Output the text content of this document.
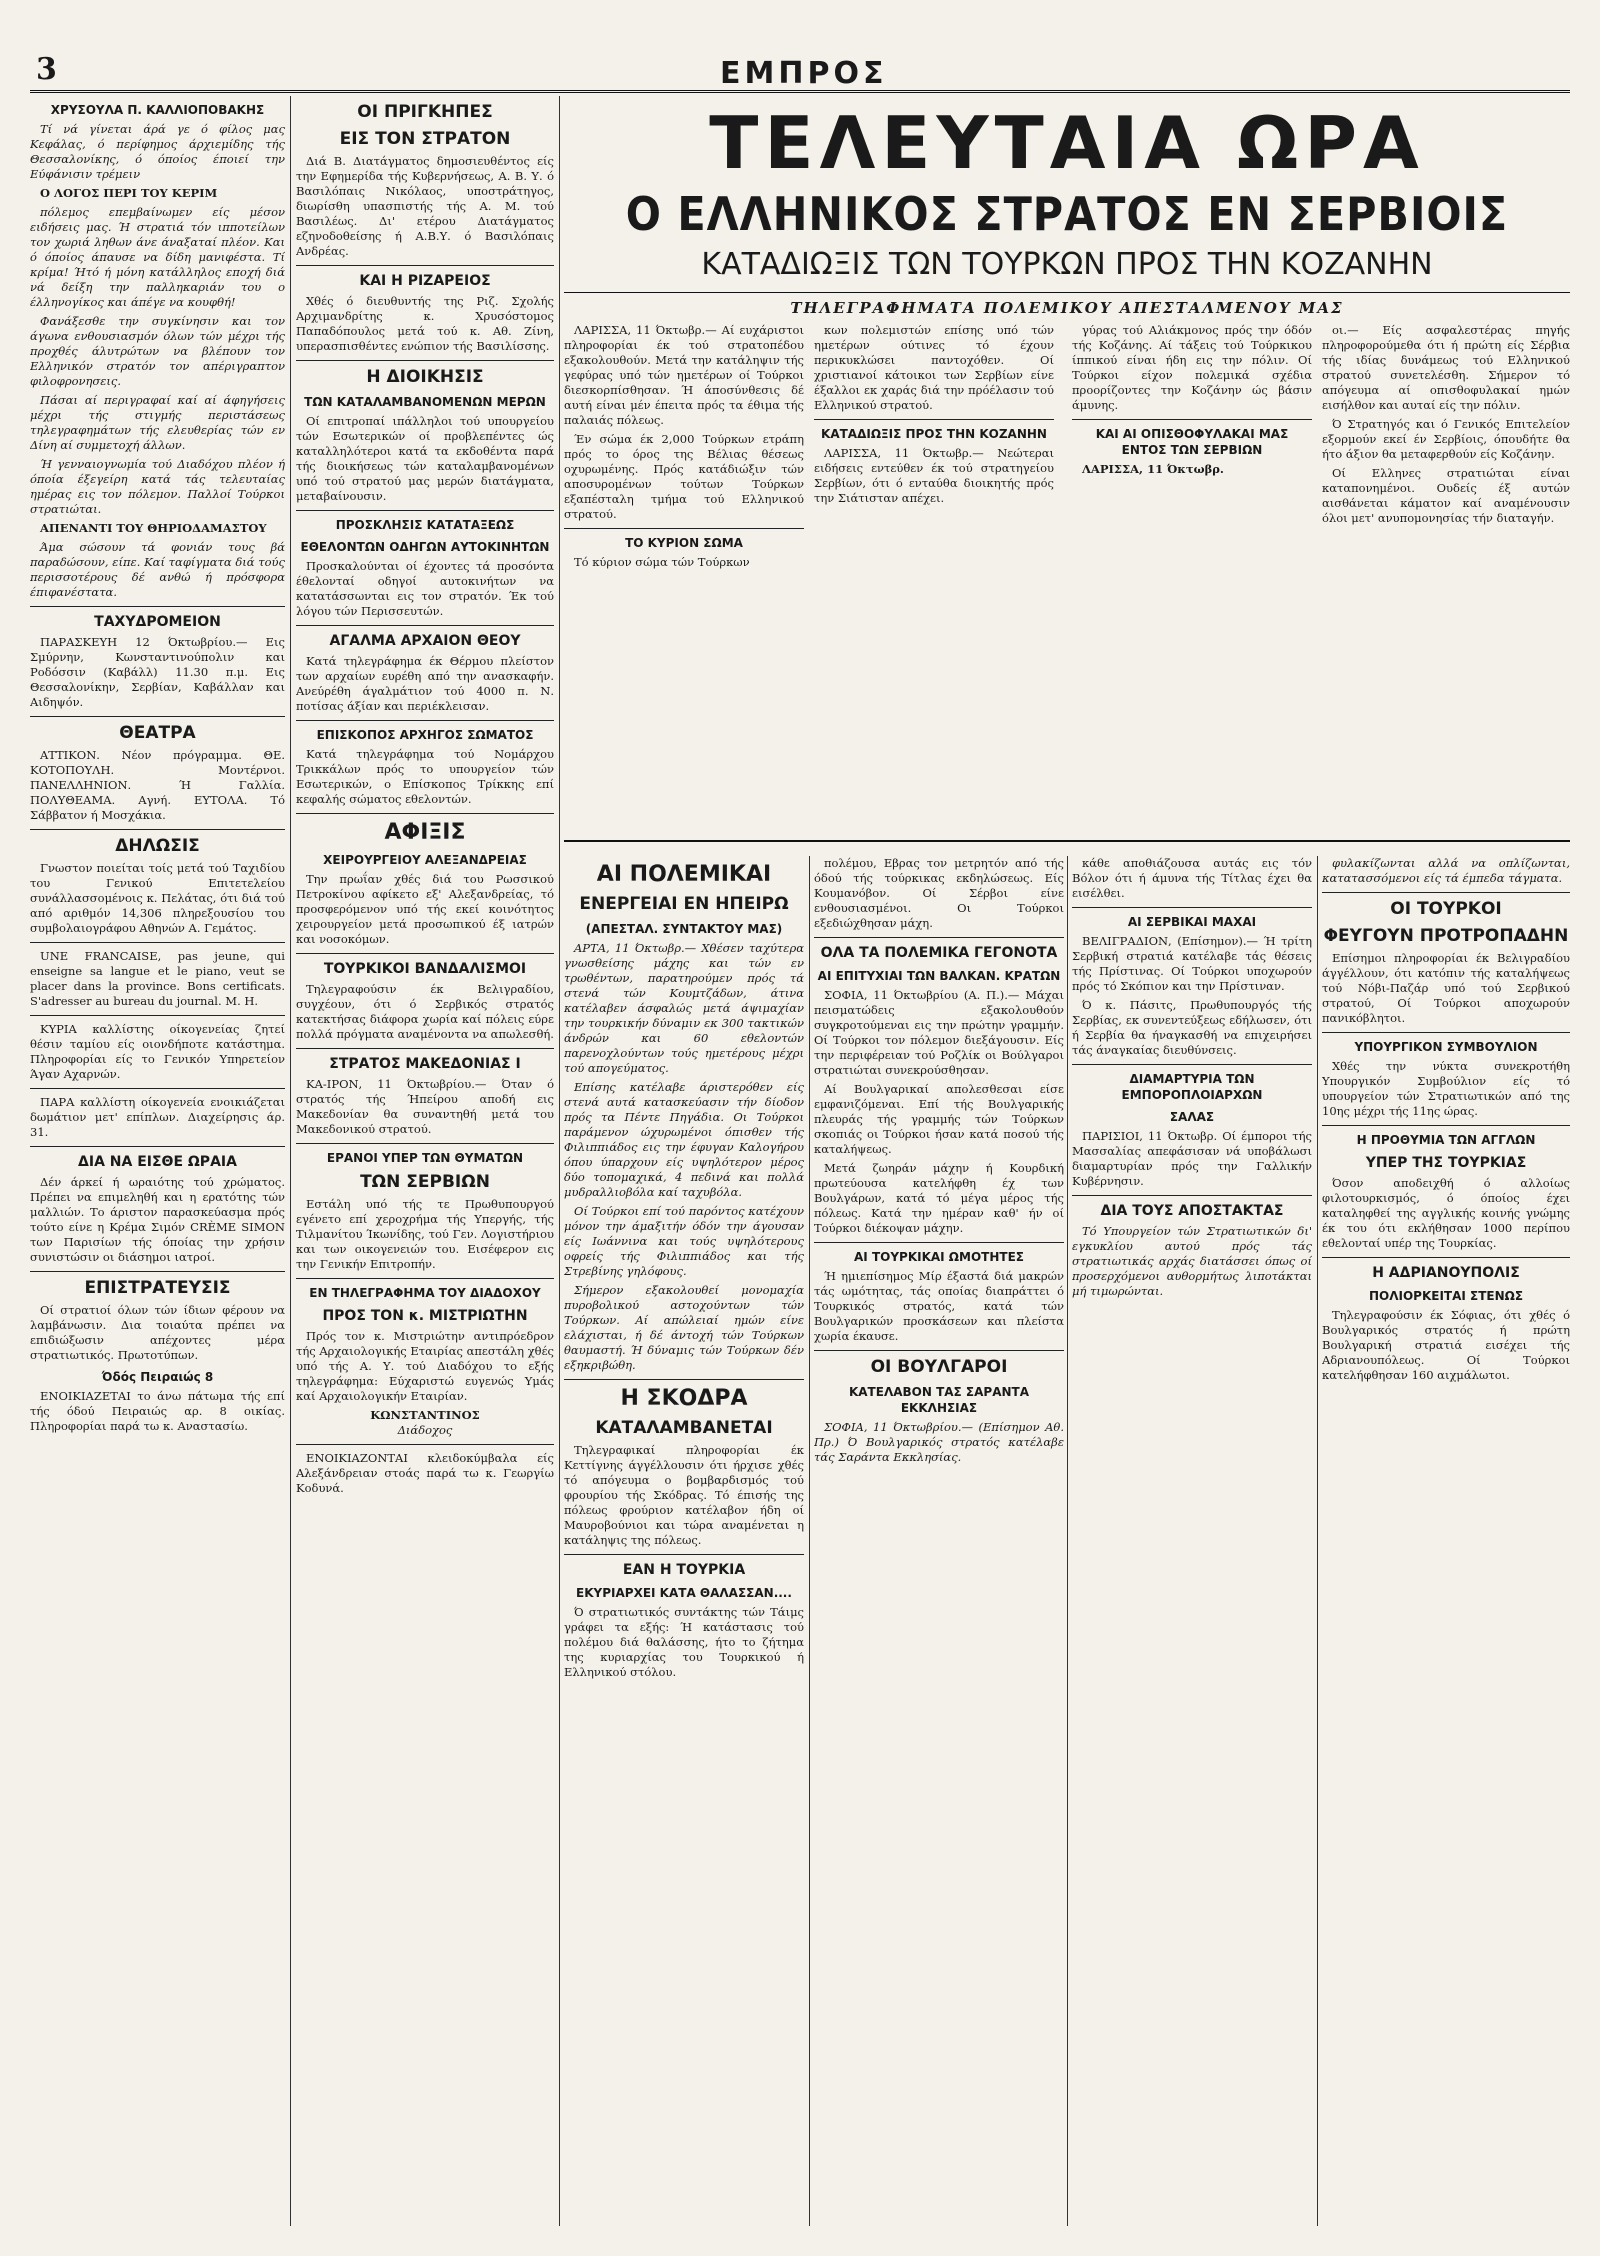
3	ΕΜΠΡΟΣ
ΧΡΥΣΟΥΛΑ Π. ΚΑΛΛΙΟΠΟΒΑΚΗΣ

Τί νά γίνεται άρά γε ό φίλος μας Κεφάλας, ό περίφημος άρχιεμίδης τής Θεσσαλονίκης, ό όποίος έποιεί την Εύφάνισιν τρέμειν

Ο ΛΟΓΟΣ ΠΕΡΙ ΤΟΥ ΚΕΡΙΜ

πόλεμος επεμβαίνωμεν είς μέσον ειδήσεις μας. Ή στρατιά τόν ιπποτείλων τον χωριά ληθων άνε άναξαταί πλέον. Και ό όποίος άπαυσε να δίδη μανιφέστα. Τί κρίμα! Ήτό ή μόνη κατάλληλος εποχή διά νά δείξη την παλληκαριάν του ο έλληνογίκος και άπέγε να κουφθή!

Φανάξεσθε την συγκίνησιν και τον άγωνα ενθουσιασμόν όλων τών μέχρι τής προχθές άλυτρώτων να βλέπουν τον Ελληνικόν στρατόν τον απέριγραπτον φιλοφρονησεις.

Πάσαι αί περιγραφαί καί αί άφηγήσεις μέχρι τής στιγμής περιστάσεως τηλεγραφημάτων τής ελευθερίας τών εν Δίνη αί συμμετοχή άλλων.

Ή γενναιογνωμία τού Διαδόχου πλέον ή όποία έξεγείρη κατά τάς τελευταίας ημέρας εις τον πόλεμον. Παλλοί Τούρκοι στρατιώται.

ΑΠΕΝΑΝΤΙ ΤΟΥ ΘΗΡΙΟΔΑΜΑΣΤΟΥ

Άμα σώσουν τά φονιάν τους βά παραδώσουν, είπε. Καί ταφίγματα διά τούς περισσοτέρους δέ ανθώ ή πρόσφορα έπιφανέστατα.

ΤΑΧΥΔΡΟΜΕΙΟΝ

ΠΑΡΑΣΚΕΥΗ 12 Όκτωβρίου.— Εις Σμύρνην, Κωνσταντινούπολιν και Ροδόσσιν (Καβάλλ) 11.30 π.μ. Εις Θεσσαλονίκην, Σερβίαν, Καβάλλαν και Αιδηψόν.

ΘΕΑΤΡΑ

ΑΤΤΙΚΟΝ. Νέον πρόγραμμα. ΘΕ. ΚΟΤΟΠΟΥΛΗ. Μοντέρνοι. ΠΑΝΕΛΛΗΝΙΟΝ. Ή Γαλλία. ΠΟΛΥΘΕΑΜΑ. Αγνή. ΕΥΤΟΛΑ. Τό Σάββατον ή Μοσχάκια.

ΔΗΛΩΣΙΣ

Γνωστον ποιείται τοίς μετά τού Ταχιδίου του Γενικού Επιτετελείου συνάλλασσομένοις κ. Πελάτας, ότι διά τού από αριθμόν 14,306 πληρεξουσίου του συμβολαιογράφου Αθηνών Α. Γεμάτος.

UNE FRANCAISE, pas jeune, qui enseigne sa langue et le piano, veut se placer dans la province. Bons certificats. S'adresser au bureau du journal. M. H.

ΚΥΡΙΑ καλλίστης οίκογενείας ζητεί θέσιν ταμίου είς οιονδήποτε κατάστημα. Πληροφορίαι είς το Γενικόν Υπηρετείον Άγαν Αχαρνών.

ΠΑΡΑ καλλίστη οίκογενεία ενοικιάζεται δωμάτιον μετ' επίπλων. Διαχείρησις άρ. 31.

ΔΙΑ ΝΑ ΕΙΣΘΕ ΩΡΑΙΑ

Δέν άρκεί ή ωραιότης τού χρώματος. Πρέπει να επιμεληθή και η ερατότης τών μαλλιών. Το άριστον παρασκεύασμα πρός τούτο είνε η Κρέμα Σιμόν CRÈME SIMON των Παρισίων τής όποίας την χρήσιν συνιστώσιν οι διάσημοι ιατροί.

ΕΠΙΣΤΡΑΤΕΥΣΙΣ

Οί στρατιοί όλων τών ίδιων φέρουν να λαμβάνωσιν. Δια τοιαύτα πρέπει να επιδιώξωσιν απέχοντες μέρα στρατιωτικός. Πρωτοτύπων.

Όδός Πειραιώς 8

ΕΝΟΙΚΙΑΖΕΤΑΙ το άνω πάτωμα τής επί τής όδού Πειραιώς αρ. 8 οικίας. Πληροφορίαι παρά τω κ. Αναστασίω.

ΟΙ ΠΡΙΓΚΗΠΕΣ
ΕΙΣ ΤΟΝ ΣΤΡΑΤΟΝ

Διά Β. Διατάγματος δημοσιευθέντος είς την Εφημερίδα τής Κυβερνήσεως, Α. Β. Υ. ό Βασιλόπαις Νικόλαος, υποστράτηγος, διωρίσθη υπασπιστής τής Α. Μ. τού Βασιλέως. Δι' ετέρου Διατάγματος εζηνοδοθείσης ή Α.Β.Υ. ό Βασιλόπαις Ανδρέας.

ΚΑΙ Η ΡΙΖΑΡΕΙΟΣ

Χθές ό διευθυντής της Ριζ. Σχολής Αρχιμανδρίτης κ. Χρυσόστομος Παπαδόπουλος μετά τού κ. Αθ. Ζίνη, υπερασπισθέντες ενώπιον τής Βασιλίσσης.

Η ΔΙΟΙΚΗΣΙΣ
ΤΩΝ ΚΑΤΑΛΑΜΒΑΝΟΜΕΝΩΝ ΜΕΡΩΝ

Οί επιτροπαί ιπάλληλοι τού υπουργείου τών Εσωτερικών οί προβλεπέντες ώς καταλληλότεροι κατά τα εκδοθέντα παρά τής διοικήσεως τών καταλαμβανομένων υπό τού στρατού μας μερών διατάγματα, μεταβαίνουσιν.

ΠΡΟΣΚΛΗΣΙΣ ΚΑΤΑΤΑΞΕΩΣ
ΕΘΕΛΟΝΤΩΝ ΟΔΗΓΩΝ ΑΥΤΟΚΙΝΗΤΩΝ

Προσκαλούνται οί έχοντες τά προσόντα έθελονταί οδηγοί αυτοκινήτων να κατατάσσωνται εις τον στρατόν. Έκ τού λόγου τών Περισσευτών.

ΑΓΑΛΜΑ ΑΡΧΑΙΟΝ ΘΕΟΥ

Κατά τηλεγράφημα έκ Θέρμου πλείστον των αρχαίων ευρέθη από την ανασκαφήν. Ανεύρέθη άγαλμάτιον τού 4000 π. Ν. ποτίσας άξίαν και περιέκλεισαν.

ΕΠΙΣΚΟΠΟΣ ΑΡΧΗΓΟΣ ΣΩΜΑΤΟΣ

Κατά τηλεγράφημα τού Νομάρχου Τρικκάλων πρός το υπουργείον τών Εσωτερικών, ο Επίσκοπος Τρίκκης επί κεφαλής σώματος εθελοντών.

ΑΦΙΞΙΣ
ΧΕΙΡΟΥΡΓΕΙΟΥ ΑΛΕΞΑΝΔΡΕΙΑΣ

Την πρωΐαν χθές διά του Ρωσσικού Πετροκίνου αφίκετο εξ' Αλεξανδρείας, τό προσφερόμενον υπό τής εκεί κοινότητος χειρουργείον μετά προσωπικού έξ ιατρών και νοσοκόμων.

ΤΟΥΡΚΙΚΟΙ ΒΑΝΔΑΛΙΣΜΟΙ

Τηλεγραφούσιν έκ Βελιγραδίου, συγχέουν, ότι ό Σερβικός στρατός κατεκτήσας διάφορα χωρία καί πόλεις εύρε πολλά πρόγματα αναμένοντα να απωλεσθή.

ΣΤΡΑΤΟΣ ΜΑΚΕΔΟΝΙΑΣ Ι

ΚΑ-ΙΡΟΝ, 11 Όκτωβρίου.— Όταν ό στρατός τής Ήπείρου αποδή εις Μακεδονίαν θα συναντηθή μετά του Μακεδονικού στρατού.

ΕΡΑΝΟΙ ΥΠΕΡ ΤΩΝ ΘΥΜΑΤΩΝ
ΤΩΝ ΣΕΡΒΙΩΝ

Εστάλη υπό τής τε Πρωθυπουργού εγένετο επί χεροχρήμα τής Υπεργής, τής Τιλμανίτου Ίκωνίδης, τού Γεν. Λογιστήριου και των οικογενειών του. Εισέφερον εις την Γενικήν Επιτροπήν.

ΕΝ ΤΗΛΕΓΡΑΦΗΜΑ ΤΟΥ ΔΙΑΔΟΧΟΥ
ΠΡΟΣ ΤΟΝ κ. ΜΙΣΤΡΙΩΤΗΝ

Πρός τον κ. Μιστριώτην αντιπρόεδρον τής Αρχαιολογικής Εταιρίας απεστάλη χθές υπό τής Α. Υ. τού Διαδόχου το εξής τηλεγράφημα: Εύχαριστώ ευγενώς Υμάς καί Αρχαιολογικήν Εταιρίαν.

ΚΩΝΣΤΑΝΤΙΝΟΣ
Διάδοχος

ΕΝΟΙΚΙΑΖΟΝΤΑΙ κλειδοκύμβαλα είς Αλεξάνδρειαν στοάς παρά τω κ. Γεωργίω Κοδυνά.

ΤΕΛΕΥΤΑΙΑ ΩΡΑ
Ο ΕΛΛΗΝΙΚΟΣ ΣΤΡΑΤΟΣ ΕΝ ΣΕΡΒΙΟΙΣ
ΚΑΤΑΔΙΩΞΙΣ ΤΩΝ ΤΟΥΡΚΩΝ ΠΡΟΣ ΤΗΝ ΚΟΖΑΝΗΝ
ΤΗΛΕΓΡΑΦΗΜΑΤΑ ΠΟΛΕΜΙΚΟΥ ΑΠΕΣΤΑΛΜΕΝΟΥ ΜΑΣ

ΛΑΡΙΣΣΑ, 11 Όκτωβρ.— Αί ευχάριστοι πληροφορίαι έκ τού στρατοπέδου εξακολουθούν. Μετά την κατάληψιν τής γεφύρας υπό τών ημετέρων οί Τούρκοι διεσκορπίσθησαν. Ή άποσύνθεσις δέ αυτή είναι μέν έπειτα πρός τα έθιμα τής παλαιάς πόλεως.

Έν σώμα έκ 2,000 Τούρκων ετράπη πρός το όρος της Βέλιας θέσεως οχυρωμένης. Πρός κατάδιώξιν τών αποσυρομένων τούτων Τούρκων εξαπέσταλη τμήμα τού Ελληνικού στρατού.

ΤΟ ΚΥΡΙΟΝ ΣΩΜΑ

Τό κύριον σώμα τών Τούρκων

κων πολεμιστών επίσης υπό τών ημετέρων ούτινες τό έχουν περικυκλώσει παντοχόθεν. Οί χριστιανοί κάτοικοι των Σερβίων είνε έξαλλοι εκ χαράς διά την πρόέλασιν τού Ελληνικού στρατού.

ΚΑΤΑΔΙΩΞΙΣ ΠΡΟΣ ΤΗΝ ΚΟΖΑΝΗΝ

ΛΑΡΙΣΣΑ, 11 Όκτωβρ.— Νεώτεραι ειδήσεις εντεύθεν έκ τού στρατηγείου Σερβίων, ότι ό ενταύθα διοικητής πρός την Σιάτισταν απέχει.

γύρας τού Αλιάκμονος πρός την όδόν τής Κοζάνης. Αί τάξεις τού Τούρκικου ίππικού είναι ήδη εις την πόλιν. Οί Τούρκοι είχον πολεμικά σχέδια προορίζοντες την Κοζάνην ώς βάσιν άμυνης.

ΚΑΙ ΑΙ ΟΠΙΣΘΟΦΥΛΑΚΑΙ ΜΑΣ ΕΝΤΟΣ ΤΩΝ ΣΕΡΒΙΩΝ

ΛΑΡΙΣΣΑ, 11 Όκτωβρ.

οι.— Είς ασφαλεστέρας πηγής πληροφορούμεθα ότι ή πρώτη είς Σέρβια τής ιδίας δυνάμεως τού Ελληνικού στρατού συνετελέσθη. Σήμερον τό απόγευμα αί οπισθοφυλακαί ημών εισήλθον και αυταί είς την πόλιν.

Ό Στρατηγός και ό Γενικός Επιτελείον εξορμούν εκεί έν Σερβίοις, όπουδήτε θα ήτο άξιον θα μεταφερθούν είς Κοζάνην.

Οί Ελληνες στρατιώται είναι καταπονημένοι. Ουδείς έξ αυτών αισθάνεται κάματον καί αναμένουσιν όλοι μετ' ανυπομονησίας τήν διαταγήν.

ΑΙ ΠΟΛΕΜΙΚΑΙ
ΕΝΕΡΓΕΙΑΙ ΕΝ ΗΠΕΙΡΩ
(ΑΠΕΣΤΑΛ. ΣΥΝΤΑΚΤΟΥ ΜΑΣ)

ΑΡΤΑ, 11 Όκτωβρ.— Χθέσεν ταχύτερα γνωσθείσης μάχης και τών εν τρωθέντων, παρατηρούμεν πρός τά στενά τών Κουμτζάδων, άτινα κατέλαβεν άσφαλώς μετά άψιμαχίαν την τουρκικήν δύναμιν εκ 300 τακτικών άνδρών και 60 εθελοντών παρενοχλούντων τούς ημετέρους μέχρι τού απογεύματος.

Επίσης κατέλαβε άριστερόθεν είς στενά αυτά κατασκεύασιν τήν δίοδον πρός τα Πέντε Πηγάδια. Οι Τούρκοι παράμενον ώχυρωμένοι όπισθεν τής Φιλιππιάδος εις την έφυγαν Καλογήρου όπου ύπαρχουν είς υψηλότερον μέρος δύο τοπομαχικά, 4 πεδινά και πολλά μυδραλλιοβόλα καί ταχυβόλα.

Οί Τούρκοι επί τού παρόντος κατέχουν μόνον την άμαξιτήν όδόν την άγουσαν είς Ιωάννινα και τούς υψηλότερους οφρείς τής Φιλιππιάδος και τής Στρεβίνης γηλόφους.

Σήμερον εξακολουθεί μονομαχία πυροβολικού αστοχούντων τών Τούρκων. Αί απώλειαί ημών είνε ελάχισται, ή δέ άντοχή τών Τούρκων θαυμαστή. Ή δύναμις τών Τούρκων δέν εξηκριβώθη.

Η ΣΚΟΔΡΑ
ΚΑΤΑΛΑΜΒΑΝΕΤΑΙ

Τηλεγραφικαί πληροφορίαι έκ Κεττίγνης άγγέλλουσιν ότι ήρχισε χθές τό απόγευμα ο βομβαρδισμός τού φρουρίου τής Σκόδρας. Τό έπισής της πόλεως φρούριον κατέλαβον ήδη οί Μαυροβούνιοι και τώρα αναμένεται η κατάληψις της πόλεως.

ΕΑΝ Η ΤΟΥΡΚΙΑ
ΕΚΥΡΙΑΡΧΕΙ ΚΑΤΑ ΘΑΛΑΣΣΑΝ....

Ό στρατιωτικός συντάκτης τών Τάιμς γράφει τα εξής: Ή κατάστασις τού πολέμου διά θαλάσσης, ήτο το ζήτημα της κυριαρχίας του Τουρκικού ή Ελληνικού στόλου.

πολέμου, Εβρας τον μετρητόν από τής όδού τής τούρκικας εκδηλώσεως. Είς Κουμανόβον. Οί Σέρβοι είνε ενθουσιασμένοι. Οι Τούρκοι εξεδιώχθησαν μάχη.

ΟΛΑ ΤΑ ΠΟΛΕΜΙΚΑ ΓΕΓΟΝΟΤΑ
ΑΙ ΕΠΙΤΥΧΙΑΙ ΤΩΝ ΒΑΛΚΑΝ. ΚΡΑΤΩΝ

ΣΟΦΙΑ, 11 Όκτωβρίου (Α. Π.).— Μάχαι πεισματώδεις εξακολουθούν συγκροτούμεναι εις την πρώτην γραμμήν. Οί Τούρκοι τον πόλεμον διεξάγουσιν. Είς την περιφέρειαν τού Ροζλίκ οι Βούλγαροι στρατιώται συνεκρούσθησαν.

Αί Βουλγαρικαί απολεσθεσαι είσε εμφανιζόμεναι. Επί τής Βουλγαρικής πλευράς τής γραμμής τών Τούρκων σκοπιάς οι Τούρκοι ήσαν κατά ποσού τής καταλήψεως.

Μετά ζωηράν μάχην ή Κουρδική πρωτεύουσα κατελήφθη έχ των Βουλγάρων, κατά τό μέγα μέρος τής πόλεως. Κατά την ημέραν καθ' ήν οί Τούρκοι διέκοψαν μάχην.

ΑΙ ΤΟΥΡΚΙΚΑΙ ΩΜΟΤΗΤΕΣ

Ή ημιεπίσημος Μίρ έξαστά διά μακρών τάς ωμότητας, τάς οποίας διαπράττει ό Τουρκικός στρατός, κατά τών Βουλγαρικών προσκάσεων και πλείστα χωρία έκαυσε.

ΟΙ ΒΟΥΛΓΑΡΟΙ
ΚΑΤΕΛΑΒΟΝ ΤΑΣ ΣΑΡΑΝΤΑ ΕΚΚΛΗΣΙΑΣ

ΣΟΦΙΑ, 11 Όκτωβρίου.— (Επίσημον Αθ. Πρ.) Ό Βουλγαρικός στρατός κατέλαβε τάς Σαράντα Εκκλησίας.

κάθε αποθιάζουσα αυτάς εις τόν Βόλον ότι ή άμυνα τής Τίτλας έχει θα εισέλθει.

ΑΙ ΣΕΡΒΙΚΑΙ ΜΑΧΑΙ

ΒΕΛΙΓΡΑΔΙΟΝ, (Επίσημον).— Ή τρίτη Σερβική στρατιά κατέλαβε τάς θέσεις τής Πρίστινας. Οί Τούρκοι υποχωρούν πρός τό Σκόπιον και την Πρίστιναν.

Ό κ. Πάσιτς, Πρωθυπουργός τής Σερβίας, εκ συνεντεύξεως εδήλωσεν, ότι ή Σερβία θα ήναγκασθή να επιχειρήσει τάς άναγκαίας διευθύνσεις.

ΔΙΑΜΑΡΤΥΡΙΑ ΤΩΝ ΕΜΠΟΡΟΠΛΟΙΑΡΧΩΝ
ΣΑΛΑΣ

ΠΑΡΙΣΙΟΙ, 11 Όκτωβρ. Οί έμποροι τής Μασσαλίας απεφάσισαν νά υποβάλωσι διαμαρτυρίαν πρός την Γαλλικήν Κυβέρνησιν.

ΔΙΑ ΤΟΥΣ ΑΠΟΣΤΑΚΤΑΣ

Τό Υπουργείον τών Στρατιωτικών δι' εγκυκλίου αυτού πρός τάς στρατιωτικάς αρχάς διατάσσει όπως οί προσερχόμενοι αυθορμήτως λιποτάκται μή τιμωρώνται.

φυλακίζωνται αλλά να οπλίζωνται, κατατασσόμενοι είς τά έμπεδα τάγματα.

ΟΙ ΤΟΥΡΚΟΙ
ΦΕΥΓΟΥΝ ΠΡΟΤΡΟΠΑΔΗΝ

Επίσημοι πληροφορίαι έκ Βελιγραδίου άγγέλλουν, ότι κατόπιν τής καταλήψεως τού Νόβι-Παζάρ υπό τού Σερβικού στρατού, Οί Τούρκοι αποχωρούν πανικόβλητοι.

ΥΠΟΥΡΓΙΚΟΝ ΣΥΜΒΟΥΛΙΟΝ

Χθές την νύκτα συνεκροτήθη Υπουργικόν Συμβούλιον είς τό υπουργείον τών Στρατιωτικών από της 10ης μέχρι τής 11ης ώρας.

Η ΠΡΟΘΥΜΙΑ ΤΩΝ ΑΓΓΛΩΝ
ΥΠΕΡ ΤΗΣ ΤΟΥΡΚΙΑΣ

Όσον αποδειχθή ό αλλοίως φιλοτουρκισμός, ό όποίος έχει καταληφθεί της αγγλικής κοινής γνώμης έκ του ότι εκλήθησαν 1000 περίπου εθελονταί υπέρ της Τουρκίας.

Η ΑΔΡΙΑΝΟΥΠΟΛΙΣ
ΠΟΛΙΟΡΚΕΙΤΑΙ ΣΤΕΝΩΣ

Τηλεγραφούσιν έκ Σόφιας, ότι χθές ό Βουλγαρικός στρατός ή πρώτη Βουλγαρική στρατιά εισέχει τής Αδριανουπόλεως. Οί Τούρκοι κατελήφθησαν 160 αιχμάλωτοι.
